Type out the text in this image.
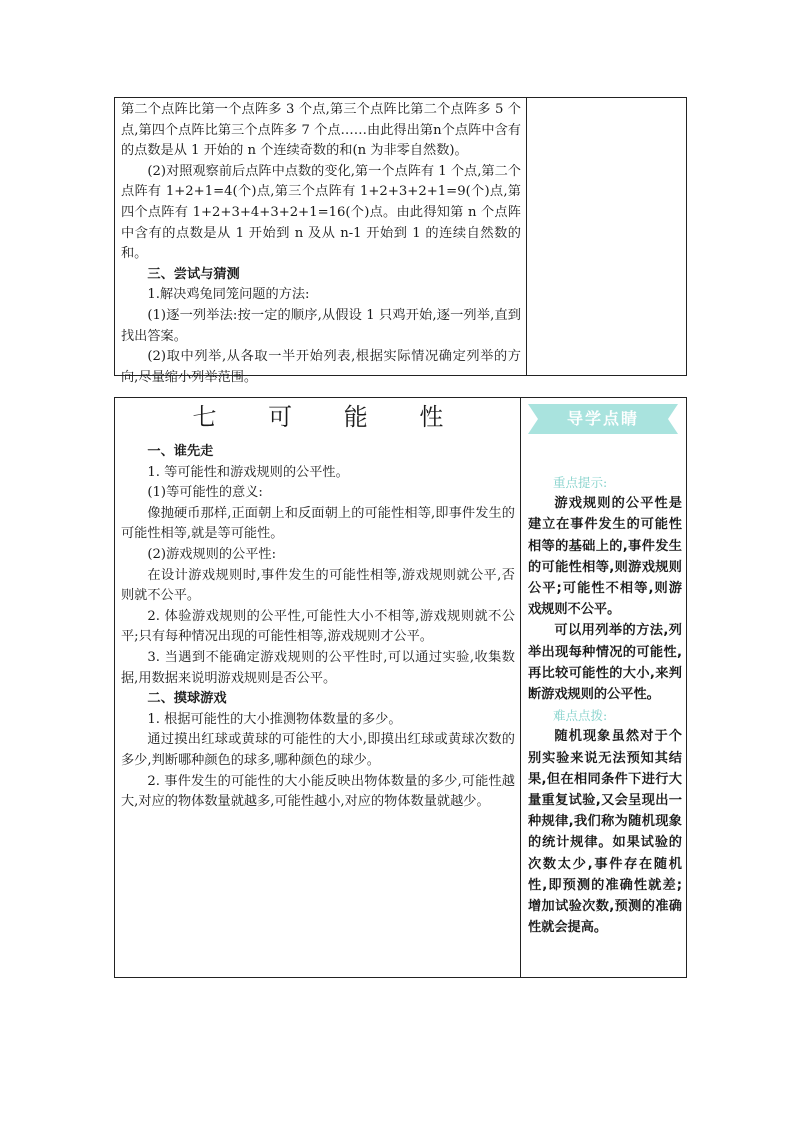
第二个点阵比第一个点阵多 3 个点,第三个点阵比第二个点阵多 5 个点,第四个点阵比第三个点阵多 7 个点……由此得出第n个点阵中含有的点数是从 1 开始的 n 个连续奇数的和(n 为非零自然数)。

(2)对照观察前后点阵中点数的变化,第一个点阵有 1 个点,第二个点阵有 1+2+1=4(个)点,第三个点阵有 1+2+3+2+1=9(个)点,第四个点阵有 1+2+3+4+3+2+1=16(个)点。由此得知第 n 个点阵中含有的点数是从 1 开始到 n 及从 n-1 开始到 1 的连续自然数的和。

三、尝试与猜测

1.解决鸡兔同笼问题的方法:

(1)逐一列举法:按一定的顺序,从假设 1 只鸡开始,逐一列举,直到找出答案。

(2)取中列举,从各取一半开始列表,根据实际情况确定列举的方向,尽量缩小列举范围。

七 可 能 性

一、谁先走

1. 等可能性和游戏规则的公平性。

(1)等可能性的意义:

像抛硬币那样,正面朝上和反面朝上的可能性相等,即事件发生的可能性相等,就是等可能性。

(2)游戏规则的公平性:

在设计游戏规则时,事件发生的可能性相等,游戏规则就公平,否则就不公平。

2. 体验游戏规则的公平性,可能性大小不相等,游戏规则就不公平;只有每种情况出现的可能性相等,游戏规则才公平。

3. 当遇到不能确定游戏规则的公平性时,可以通过实验,收集数据,用数据来说明游戏规则是否公平。

二、摸球游戏

1. 根据可能性的大小推测物体数量的多少。

通过摸出红球或黄球的可能性的大小,即摸出红球或黄球次数的多少,判断哪种颜色的球多,哪种颜色的球少。

2. 事件发生的可能性的大小能反映出物体数量的多少,可能性越大,对应的物体数量就越多,可能性越小,对应的物体数量就越少。

重点提示:

游戏规则的公平性是建立在事件发生的可能性相等的基础上的,事件发生的可能性相等,则游戏规则公平;可能性不相等,则游戏规则不公平。

可以用列举的方法,列举出现每种情况的可能性,再比较可能性的大小,来判断游戏规则的公平性。

难点点拨:

随机现象虽然对于个别实验来说无法预知其结果,但在相同条件下进行大量重复试验,又会呈现出一种规律,我们称为随机现象的统计规律。如果试验的次数太少,事件存在随机性,即预测的准确性就差;增加试验次数,预测的准确性就会提高。

导学点睛
